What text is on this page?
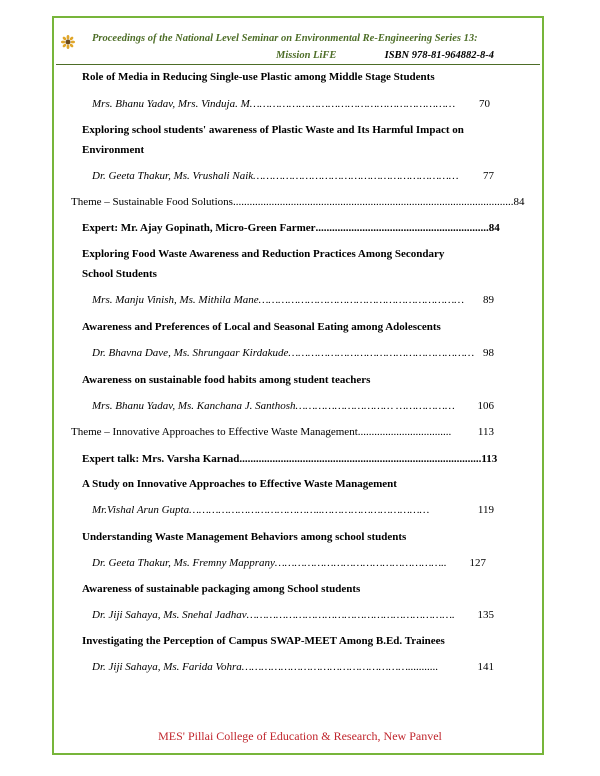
Proceedings of the National Level Seminar on Environmental Re-Engineering Series 13:
Mission LiFE	ISBN 978-81-964882-8-4
Role of Media in Reducing Single-use Plastic among Middle Stage Students
Mrs. Bhanu Yadav, Mrs. Vinduja. M ………………………………………………………	70
Exploring school students' awareness of Plastic Waste and Its Harmful Impact on
Environment
Dr. Geeta Thakur, Ms. Vrushali Naik ………………………………………………………	77
Theme – Sustainable Food Solutions ...................................................................................................... 84
Expert: Mr. Ajay Gopinath, Micro-Green Farmer ............................................................... 84
Exploring Food Waste Awareness and Reduction Practices Among Secondary
School Students
Mrs. Manju Vinish, Ms. Mithila Mane ………………………………………………………	89
Awareness and Preferences of Local and Seasonal Eating among Adolescents
Dr. Bhavna Dave, Ms. Shrungaar Kirdakude ………………………………………………… 98
Awareness on sustainable food habits among student teachers
Mrs. Bhanu Yadav, Ms. Kanchana J. Santhosh ………………………… ………………	106
Theme – Innovative Approaches to Effective Waste Management ..................................	113
Expert talk: Mrs. Varsha Karnad ........................................................................................ 113
A Study on Innovative Approaches to Effective Waste Management
Mr.Vishal Arun Gupta …………………………………..……………………………	119
Understanding Waste Management Behaviors among school students
Dr. Geeta Thakur, Ms. Fremny Mapprany ……………………………………………..	127
Awareness of sustainable packaging among School students
Dr. Jiji Sahaya, Ms. Snehal Jadhav ……………………………………………………….	135
Investigating the Perception of Campus SWAP-MEET Among B.Ed. Trainees
Dr. Jiji Sahaya, Ms. Farida Vohra ……………………………………………...........	141
MES' Pillai College of Education & Research, New Panvel
